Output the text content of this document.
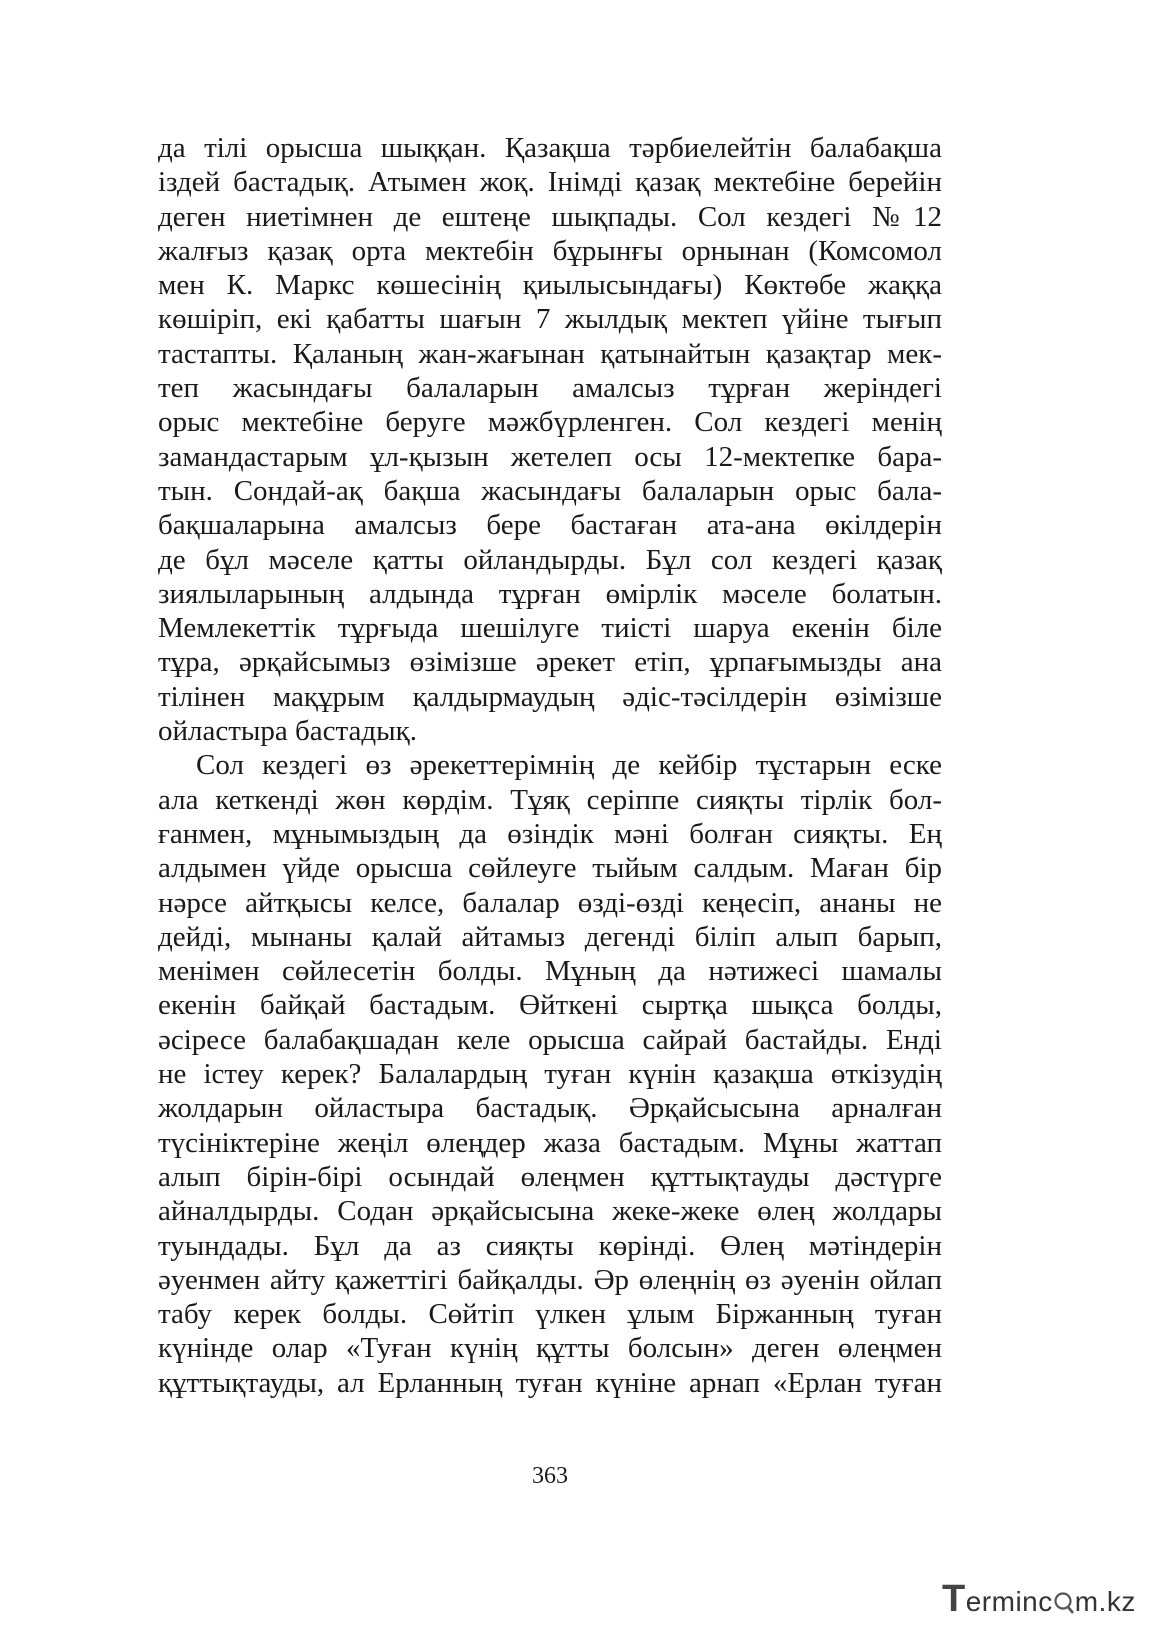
да тілі орысша шыққан. Қазақша тәрбиелейтін балабақша
іздей бастадық. Атымен жоқ. Інімді қазақ мектебіне берейін
деген ниетімнен де ештеңе шықпады. Сол кездегі №12
жалғыз қазақ орта мектебін бұрынғы орнынан (Комсомол
мен К. Маркс көшесінің қиылысындағы) Көктөбе жаққа
көшіріп, екі қабатты шағын 7 жылдық мектеп үйіне тығып
тастапты. Қаланың жан-жағынан қатынайтын қазақтар мек-
теп жасындағы балаларын амалсыз тұрған жеріндегі
орыс мектебіне беруге мәжбүрленген. Сол кездегі менің
замандастарым ұл-қызын жетелеп осы 12-мектепке бара-
тын. Сондай-ақ бақша жасындағы балаларын орыс бала-
бақшаларына амалсыз бере бастаған ата-ана өкілдерін
де бұл мәселе қатты ойландырды. Бұл сол кездегі қазақ
зиялыларының алдында тұрған өмірлік мәселе болатын.
Мемлекеттік тұрғыда шешілуге тиісті шаруа екенін біле
тұра, әрқайсымыз өзімізше әрекет етіп, ұрпағымызды ана
тілінен мақұрым қалдырмаудың әдіс-тәсілдерін өзімізше
ойластыра бастадық.
Сол кездегі өз әрекеттерімнің де кейбір тұстарын еске
ала кеткенді жөн көрдім. Тұяқ серіппе сияқты тірлік бол-
ғанмен, мұнымыздың да өзіндік мәні болған сияқты. Ең
алдымен үйде орысша сөйлеуге тыйым салдым. Маған бір
нәрсе айтқысы келсе, балалар өзді-өзді кеңесіп, ананы не
дейді, мынаны қалай айтамыз дегенді біліп алып барып,
менімен сөйлесетін болды. Мұның да нәтижесі шамалы
екенін байқай бастадым. Өйткені сыртқа шықса болды,
әсіресе балабақшадан келе орысша сайрай бастайды. Енді
не істеу керек? Балалардың туған күнін қазақша өткізудің
жолдарын ойластыра бастадық. Әрқайсысына арналған
түсініктеріне жеңіл өлеңдер жаза бастадым. Мұны жаттап
алып бірін-бірі осындай өлеңмен құттықтауды дәстүрге
айналдырды. Содан әрқайсысына жеке-жеке өлең жолдары
туындады. Бұл да аз сияқты көрінді. Өлең мәтіндерін
әуенмен айту қажеттігі байқалды. Әр өлеңнің өз әуенін ойлап
табу керек болды. Сөйтіп үлкен ұлым Біржанның туған
күнінде олар «Туған күнің құтты болсын» деген өлеңмен
құттықтауды, ал Ерланның туған күніне арнап «Ерлан туған
363
Terminc m.kz
